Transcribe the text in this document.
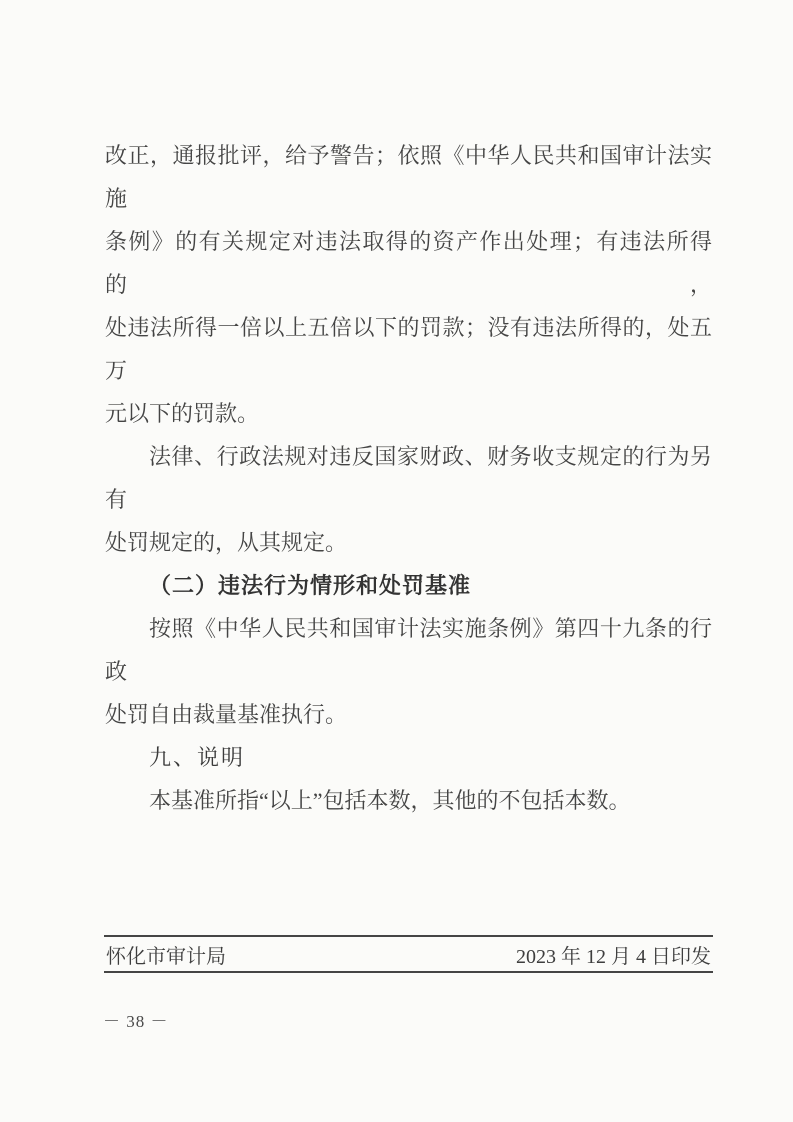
改正，通报批评，给予警告；依照《中华人民共和国审计法实施
条例》的有关规定对违法取得的资产作出处理；有违法所得的，
处违法所得一倍以上五倍以下的罚款；没有违法所得的，处五万
元以下的罚款。
法律、行政法规对违反国家财政、财务收支规定的行为另有
处罚规定的，从其规定。
（二）违法行为情形和处罚基准
按照《中华人民共和国审计法实施条例》第四十九条的行政
处罚自由裁量基准执行。
九、说明
本基准所指“以上”包括本数，其他的不包括本数。
怀化市审计局	2023 年 12 月 4 日印发
－ 38 －
